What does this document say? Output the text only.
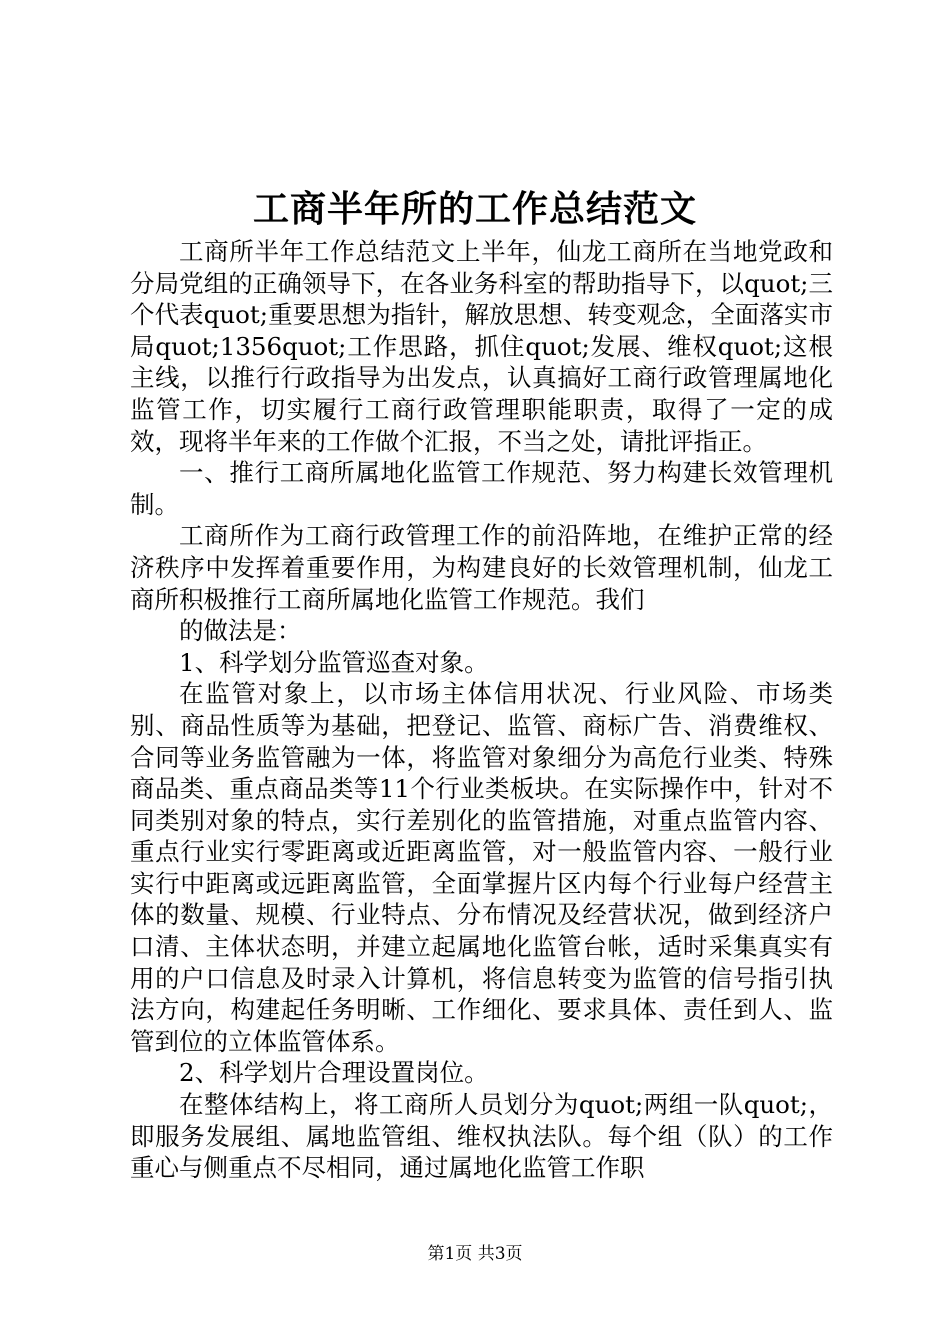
工商半年所的工作总结范文

工商所半年工作总结范文上半年，仙龙工商所在当地党政和分局党组的正确领导下，在各业务科室的帮助指导下，以quot;三个代表quot;重要思想为指针，解放思想、转变观念，全面落实市局quot;1356quot;工作思路，抓住quot;发展、维权quot;这根主线，以推行行政指导为出发点，认真搞好工商行政管理属地化监管工作，切实履行工商行政管理职能职责，取得了一定的成效，现将半年来的工作做个汇报，不当之处，请批评指正。

一、推行工商所属地化监管工作规范、努力构建长效管理机制。

工商所作为工商行政管理工作的前沿阵地，在维护正常的经济秩序中发挥着重要作用，为构建良好的长效管理机制，仙龙工商所积极推行工商所属地化监管工作规范。我们

的做法是：

1、科学划分监管巡查对象。

在监管对象上，以市场主体信用状况、行业风险、市场类别、商品性质等为基础，把登记、监管、商标广告、消费维权、合同等业务监管融为一体，将监管对象细分为高危行业类、特殊商品类、重点商品类等11个行业类板块。在实际操作中，针对不同类别对象的特点，实行差别化的监管措施，对重点监管内容、重点行业实行零距离或近距离监管，对一般监管内容、一般行业实行中距离或远距离监管，全面掌握片区内每个行业每户经营主体的数量、规模、行业特点、分布情况及经营状况，做到经济户口清、主体状态明，并建立起属地化监管台帐，适时采集真实有用的户口信息及时录入计算机，将信息转变为监管的信号指引执法方向，构建起任务明晰、工作细化、要求具体、责任到人、监管到位的立体监管体系。

2、科学划片合理设置岗位。

在整体结构上，将工商所人员划分为quot;两组一队quot;，即服务发展组、属地监管组、维权执法队。每个组（队）的工作重心与侧重点不尽相同，通过属地化监管工作职

第1页 共3页
